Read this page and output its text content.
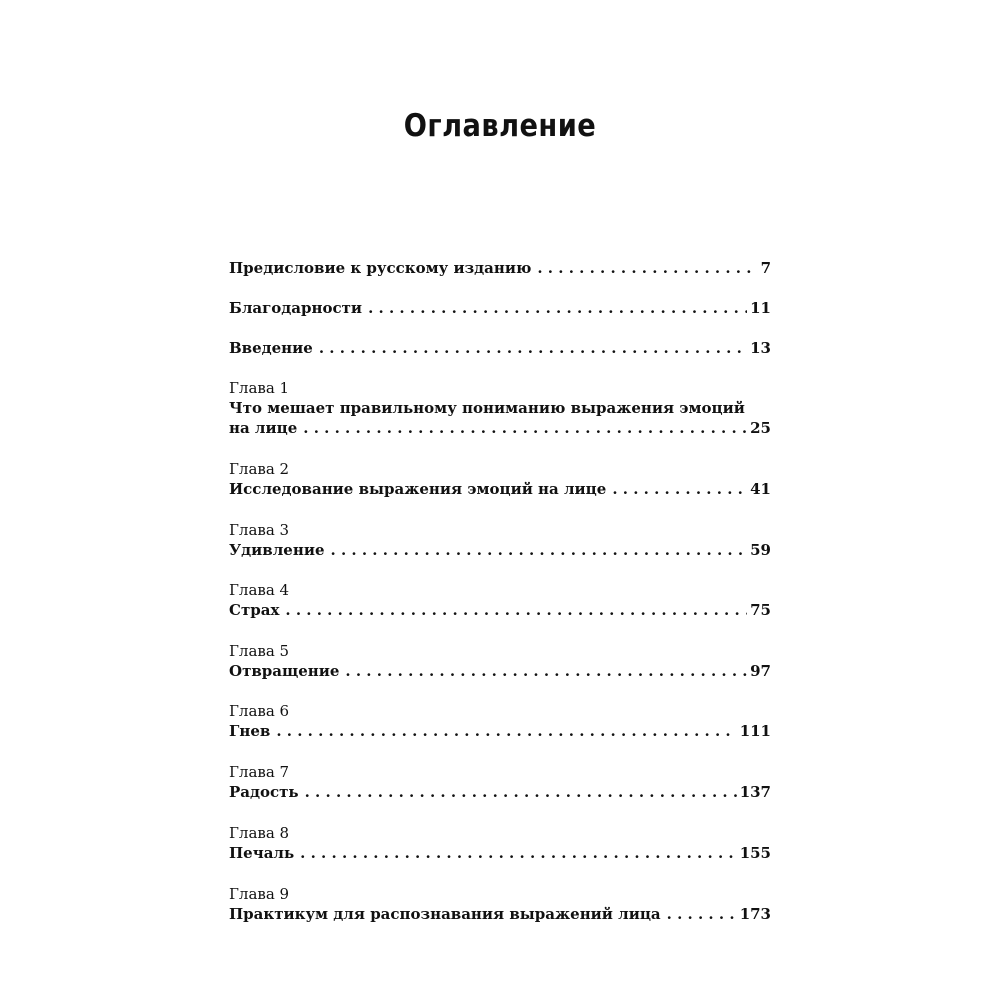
Оглавление
Предисловие к русскому изданию . . .	7
Благодарности . . .	11
Введение . . .	13
Глава 1
Что мешает правильному пониманию выражения эмоций
на лице . . .	25
Глава 2
Исследование выражения эмоций на лице . . .	41
Глава 3
Удивление . . .	59
Глава 4
Страх . . .	75
Глава 5
Отвращение . . .	97
Глава 6
Гнев . . .	111
Глава 7
Радость . . .	137
Глава 8
Печаль . . .	155
Глава 9
Практикум для распознавания выражений лица . . .	173
